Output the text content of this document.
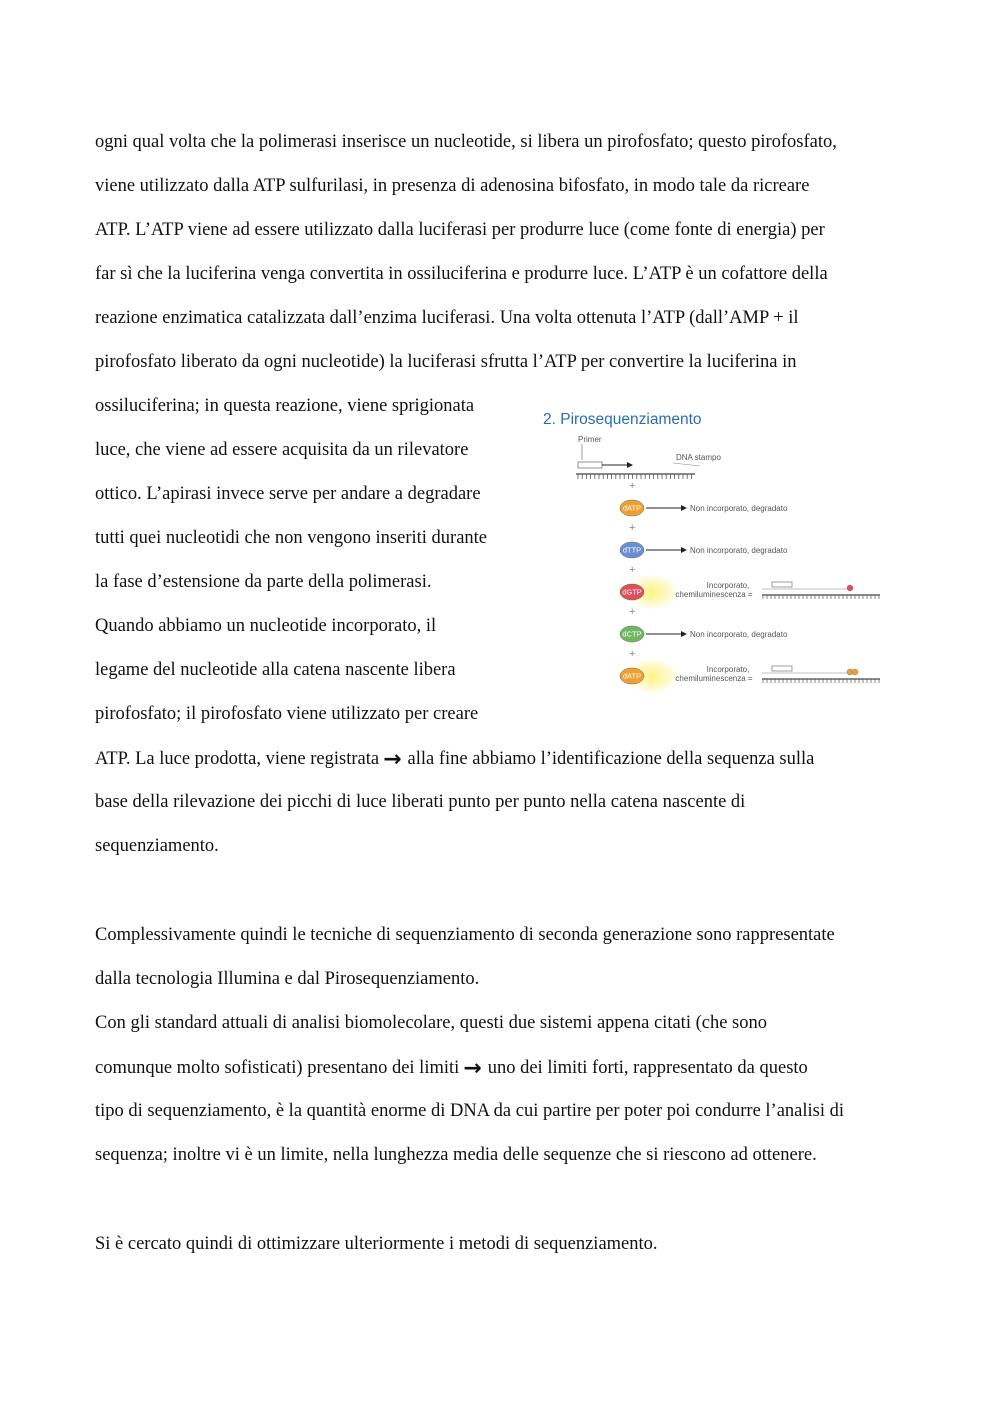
ogni qual volta che la polimerasi inserisce un nucleotide, si libera un pirofosfato; questo pirofosfato,
viene utilizzato dalla ATP sulfurilasi, in presenza di adenosina bifosfato, in modo tale da ricreare
ATP. L’ATP viene ad essere utilizzato dalla luciferasi per produrre luce (come fonte di energia) per
far sì che la luciferina venga convertita in ossiluciferina e produrre luce. L’ATP è un cofattore della
reazione enzimatica catalizzata dall’enzima luciferasi. Una volta ottenuta l’ATP (dall’AMP + il
pirofosfato liberato da ogni nucleotide) la luciferasi sfrutta l’ATP per convertire la luciferina in
ossiluciferina; in questa reazione, viene sprigionata
luce, che viene ad essere acquisita da un rilevatore
ottico. L’apirasi invece serve per andare a degradare
tutti quei nucleotidi che non vengono inseriti durante
la fase d’estensione da parte della polimerasi.
Quando abbiamo un nucleotide incorporato, il
legame del nucleotide alla catena nascente libera
pirofosfato; il pirofosfato viene utilizzato per creare
ATP. La luce prodotta, viene registrata → alla fine abbiamo l’identificazione della sequenza sulla
base della rilevazione dei picchi di luce liberati punto per punto nella catena nascente di
sequenziamento.
Complessivamente quindi le tecniche di sequenziamento di seconda generazione sono rappresentate
dalla tecnologia Illumina e dal Pirosequenziamento.
Con gli standard attuali di analisi biomolecolare, questi due sistemi appena citati (che sono
comunque molto sofisticati) presentano dei limiti → uno dei limiti forti, rappresentato da questo
tipo di sequenziamento, è la quantità enorme di DNA da cui partire per poter poi condurre l’analisi di
sequenza; inoltre vi è un limite, nella lunghezza media delle sequenze che si riescono ad ottenere.
Si è cercato quindi di ottimizzare ulteriormente i metodi di sequenziamento.
2. Pirosequenziamento
Primer
DNA stampo
+
dATP	Non incorporato, degradato
+
dTTP	Non incorporato, degradato
+
dGTP
Incorporato,
chemiluminescenza =
+
dCTP	Non incorporato, degradato
+
dATP
Incorporato,
chemiluminescenza =
